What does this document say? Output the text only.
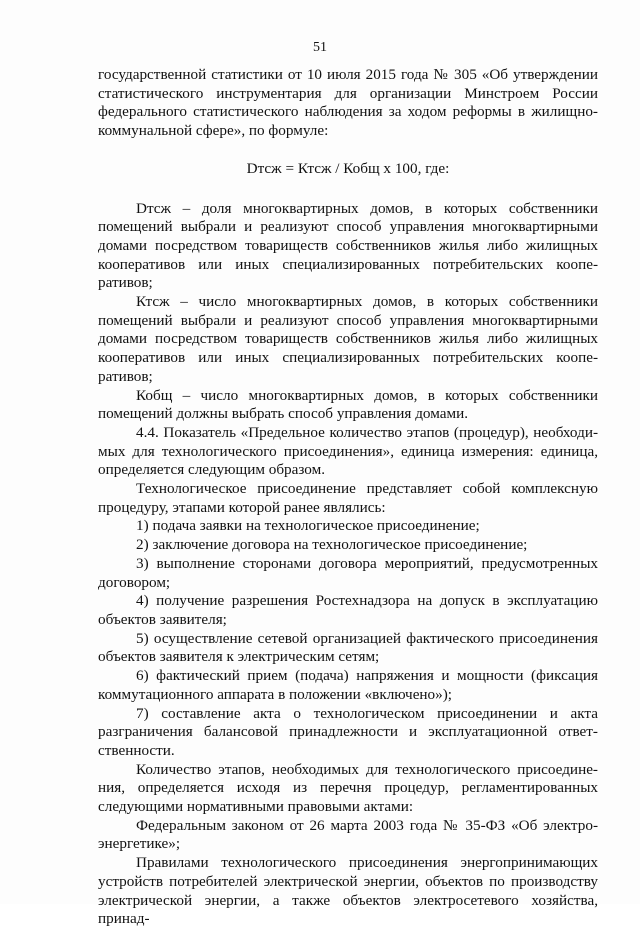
51

государственной статистики от 10 июля 2015 года № 305 «Об утверждении статистического инструментария для организации Минстроем России федерального статистического наблюдения за ходом реформы в жилищно-коммунальной сфере», по формуле:

Dтсж = Ктсж / Кобщ х 100, где:

Dтсж – доля многоквартирных домов, в которых собственники помещений выбрали и реализуют способ управления многоквартирными домами посредством товариществ собственников жилья либо жилищных кооперативов или иных специализированных потребительских коопе-ративов;

Ктсж – число многоквартирных домов, в которых собственники помещений выбрали и реализуют способ управления многоквартирными домами посредством товариществ собственников жилья либо жилищных кооперативов или иных специализированных потребительских коопе-ративов;

Кобщ – число многоквартирных домов, в которых собственники помещений должны выбрать способ управления домами.

4.4. Показатель «Предельное количество этапов (процедур), необходи-мых для технологического присоединения», единица измерения: единица, определяется следующим образом.

Технологическое присоединение представляет собой комплексную процедуру, этапами которой ранее являлись:

1) подача заявки на технологическое присоединение;

2) заключение договора на технологическое присоединение;

3) выполнение сторонами договора мероприятий, предусмотренных договором;

4) получение разрешения Ростехнадзора на допуск в эксплуатацию объектов заявителя;

5) осуществление сетевой организацией фактического присоединения объектов заявителя к электрическим сетям;

6) фактический прием (подача) напряжения и мощности (фиксация коммутационного аппарата в положении «включено»);

7) составление акта о технологическом присоединении и акта разграничения балансовой принадлежности и эксплуатационной ответ-ственности.

Количество этапов, необходимых для технологического присоедине-ния, определяется исходя из перечня процедур, регламентированных следующими нормативными правовыми актами:

Федеральным законом от 26 марта 2003 года № 35-ФЗ «Об электро-энергетике»;

Правилами технологического присоединения энергопринимающих устройств потребителей электрической энергии, объектов по производству электрической энергии, а также объектов электросетевого хозяйства, принад-
